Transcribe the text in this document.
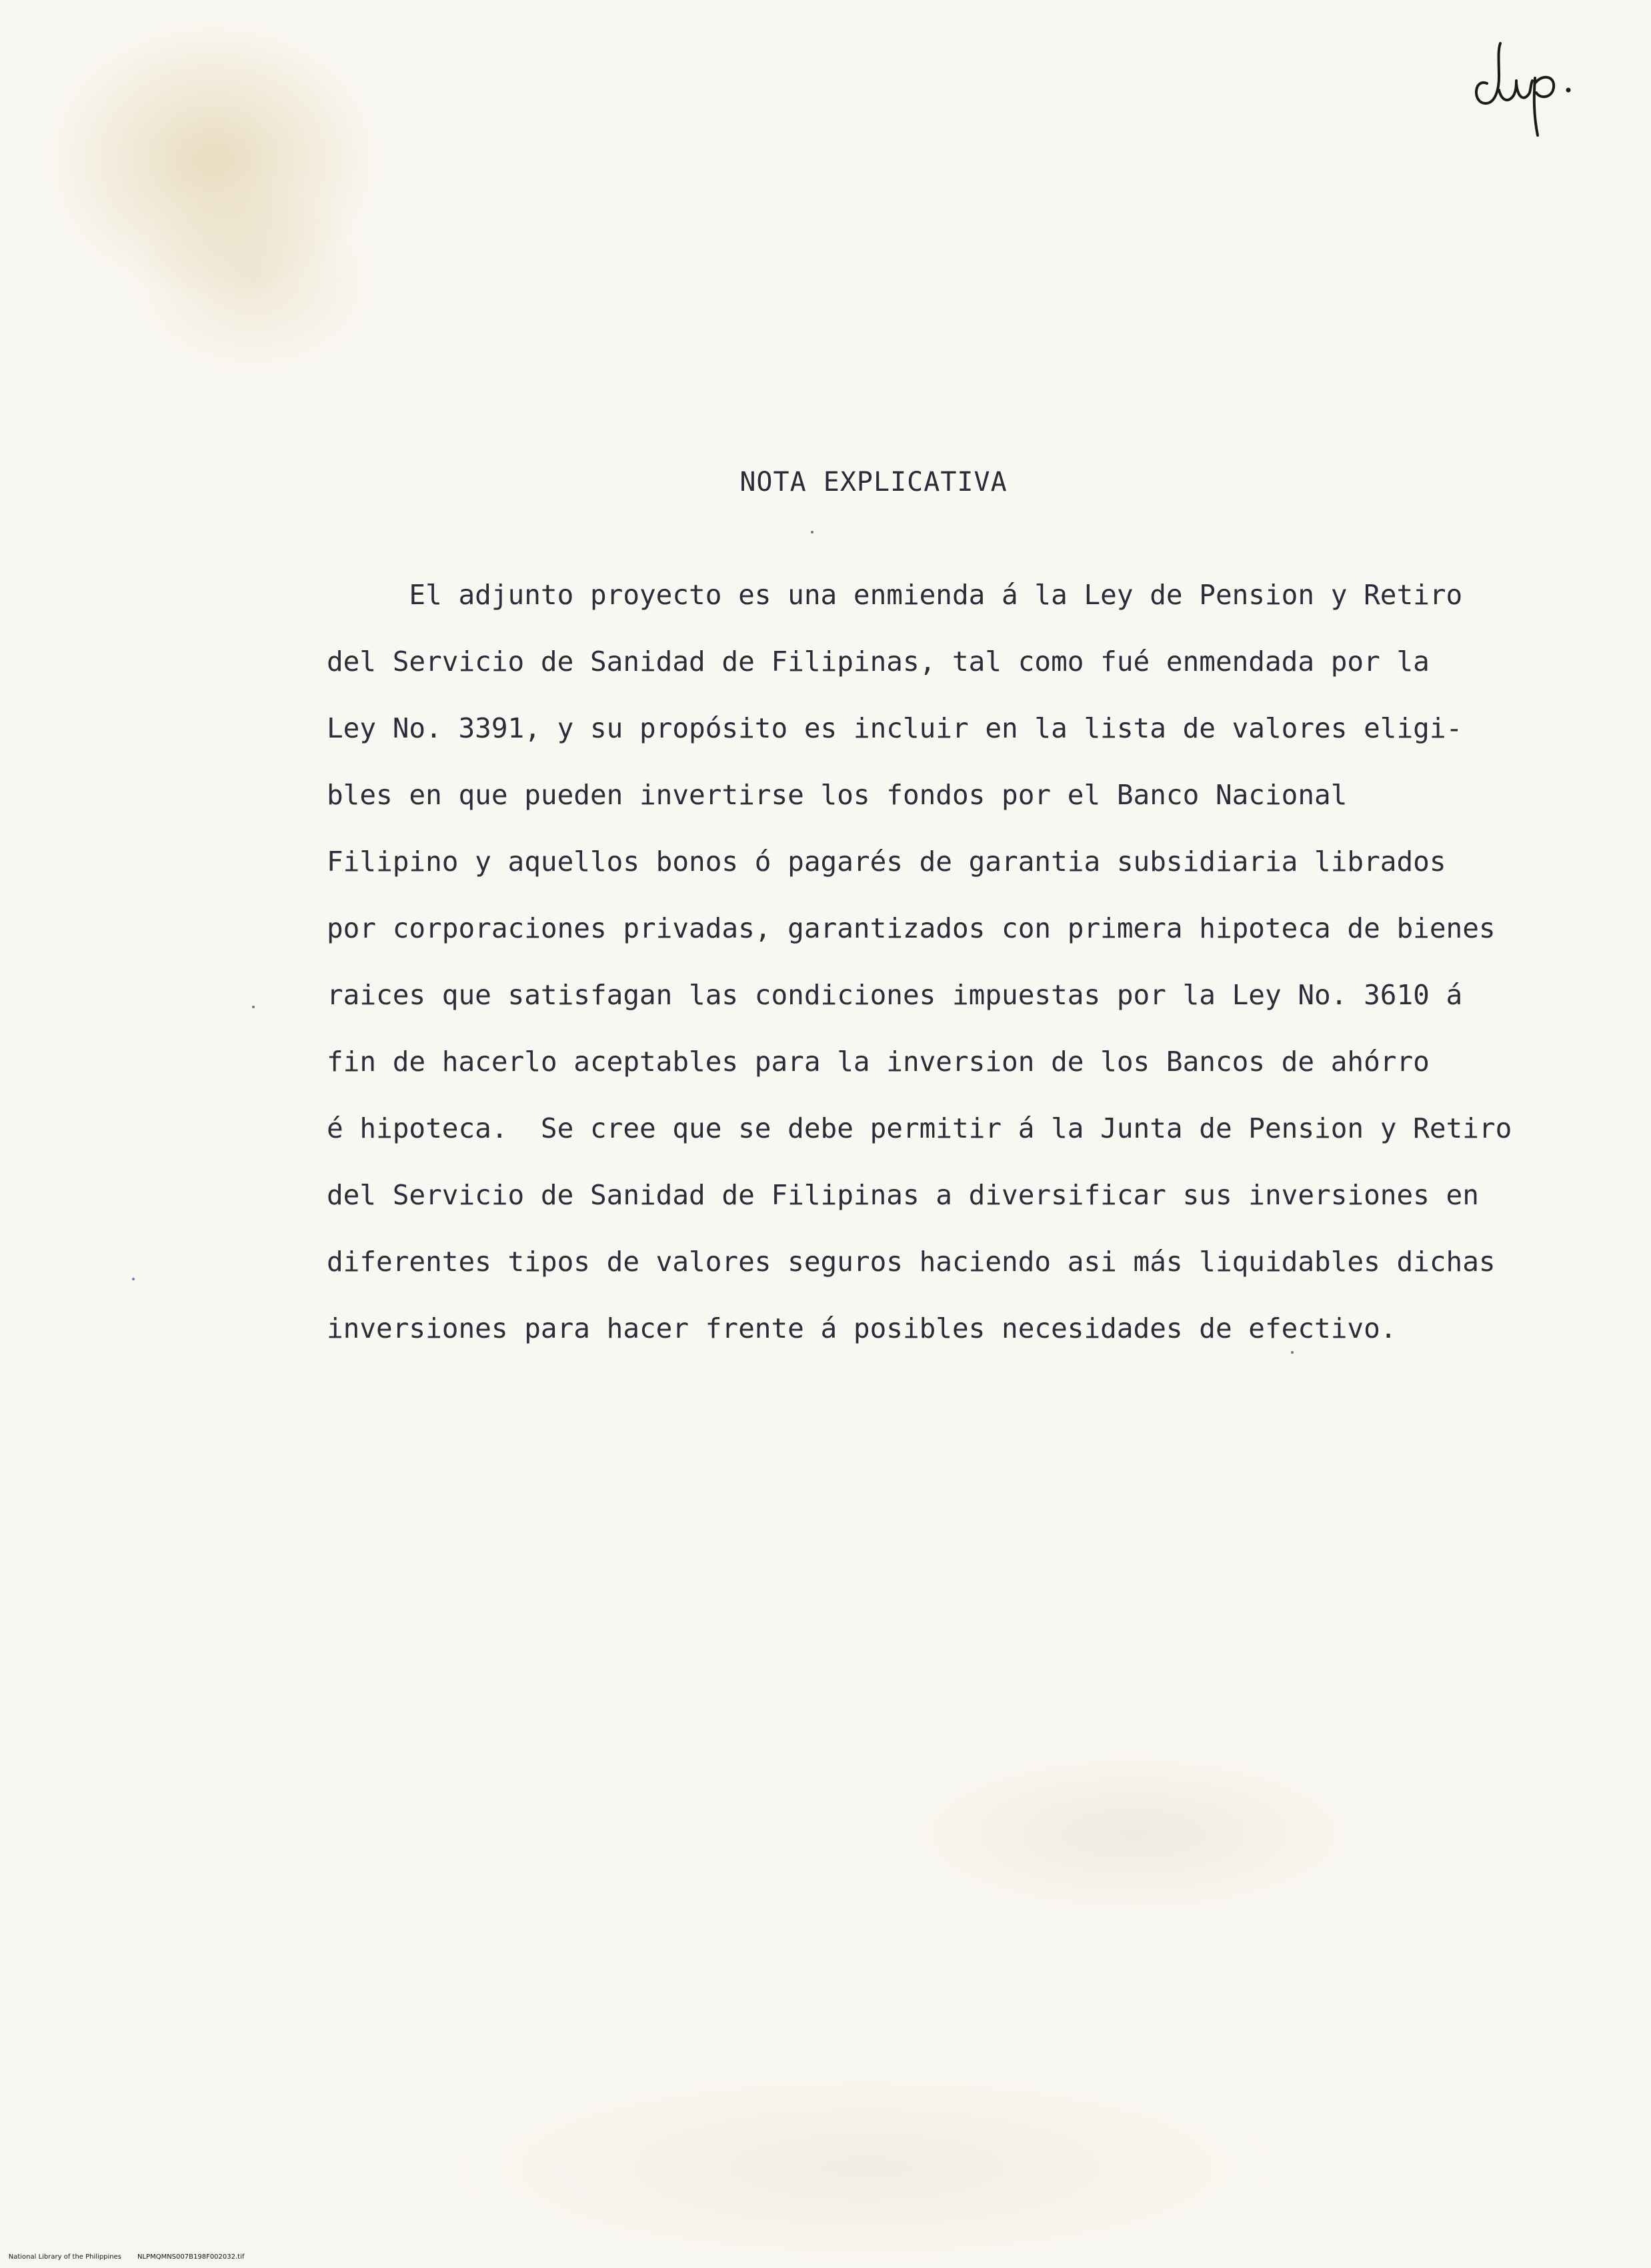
NOTA EXPLICATIVA
El adjunto proyecto es una enmienda á la Ley de Pension y Retiro
del Servicio de Sanidad de Filipinas, tal como fué enmendada por la
Ley No. 3391, y su propósito es incluir en la lista de valores eligi-
bles en que pueden invertirse los fondos por el Banco Nacional
Filipino y aquellos bonos ó pagarés de garantia subsidiaria librados
por corporaciones privadas, garantizados con primera hipoteca de bienes
raices que satisfagan las condiciones impuestas por la Ley No. 3610 á
fin de hacerlo aceptables para la inversion de los Bancos de ahórro
é hipoteca.  Se cree que se debe permitir á la Junta de Pension y Retiro
del Servicio de Sanidad de Filipinas a diversificar sus inversiones en
diferentes tipos de valores seguros haciendo asi más liquidables dichas
inversiones para hacer frente á posibles necesidades de efectivo.

National Library of the Philippines NLPMQMNS007B198F002032.tif
